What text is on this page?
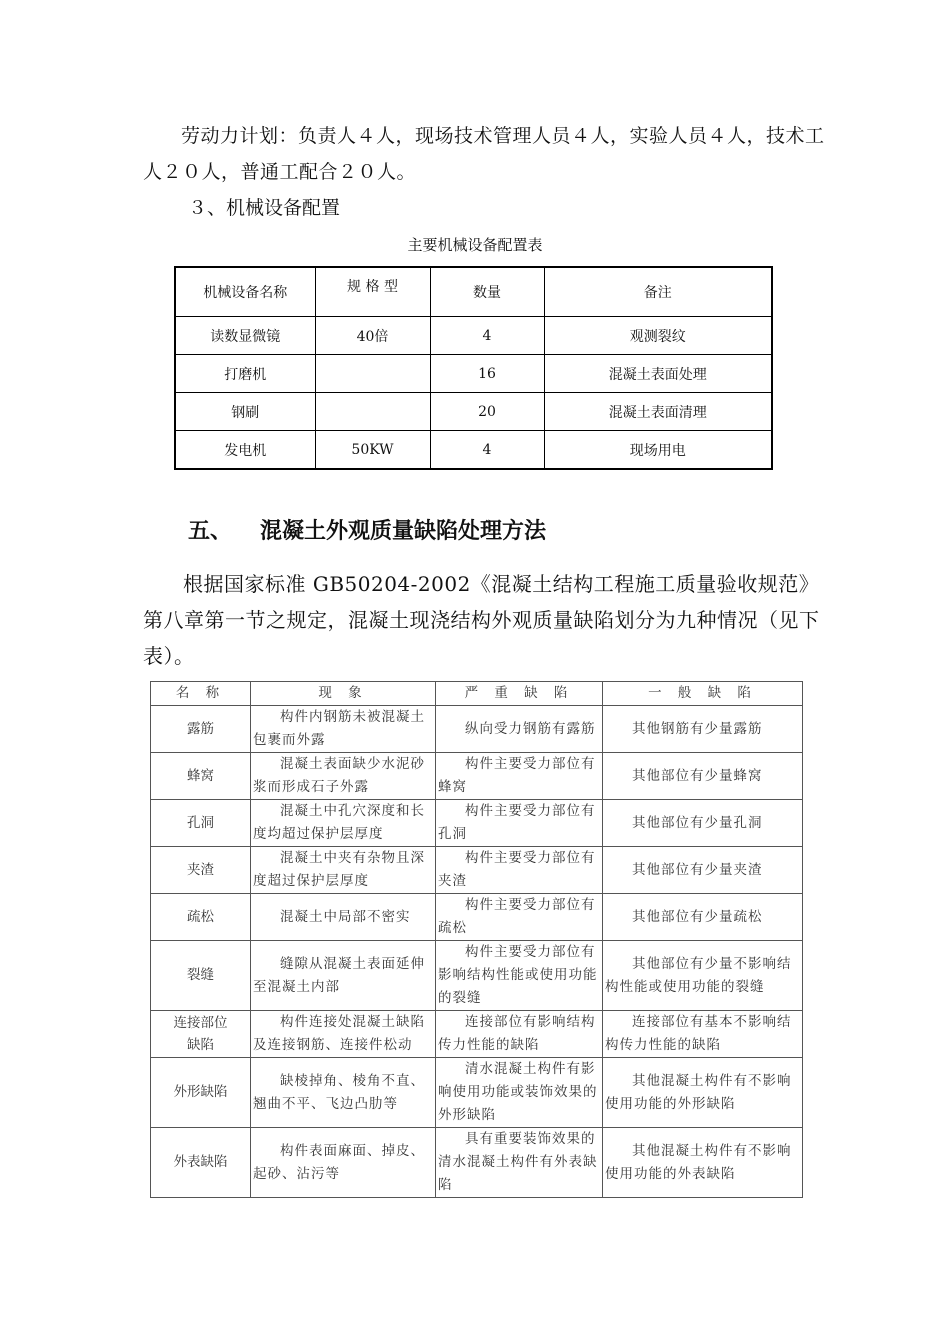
劳动力计划：负责人４人，现场技术管理人员４人，实验人员４人，技术工人２０人，普通工配合２０人。
３、机械设备配置
主要机械设备配置表
机械设备名称	规 格 型	数量	备注
读数显微镜	40倍	4	观测裂纹
打磨机		16	混凝土表面处理
钢刷		20	混凝土表面清理
发电机	50KW	4	现场用电
五、 混凝土外观质量缺陷处理方法
根据国家标准 GB50204-2002《混凝土结构工程施工质量验收规范》第八章第一节之规定，混凝土现浇结构外观质量缺陷划分为九种情况（见下表）。
名 称	现 象	严 重 缺 陷	一 般 缺 陷
露筋	构件内钢筋未被混凝土包裹而外露	纵向受力钢筋有露筋	其他钢筋有少量露筋
蜂窝	混凝土表面缺少水泥砂浆而形成石子外露	构件主要受力部位有蜂窝	其他部位有少量蜂窝
孔洞	混凝土中孔穴深度和长度均超过保护层厚度	构件主要受力部位有孔洞	其他部位有少量孔洞
夹渣	混凝土中夹有杂物且深度超过保护层厚度	构件主要受力部位有夹渣	其他部位有少量夹渣
疏松	混凝土中局部不密实	构件主要受力部位有疏松	其他部位有少量疏松
裂缝	缝隙从混凝土表面延伸至混凝土内部	构件主要受力部位有影响结构性能或使用功能的裂缝	其他部位有少量不影响结构性能或使用功能的裂缝
连接部位缺陷	构件连接处混凝土缺陷及连接钢筋、连接件松动	连接部位有影响结构传力性能的缺陷	连接部位有基本不影响结构传力性能的缺陷
外形缺陷	缺棱掉角、棱角不直、翘曲不平、飞边凸肋等	清水混凝土构件有影响使用功能或装饰效果的外形缺陷	其他混凝土构件有不影响使用功能的外形缺陷
外表缺陷	构件表面麻面、掉皮、起砂、沾污等	具有重要装饰效果的清水混凝土构件有外表缺陷	其他混凝土构件有不影响使用功能的外表缺陷
